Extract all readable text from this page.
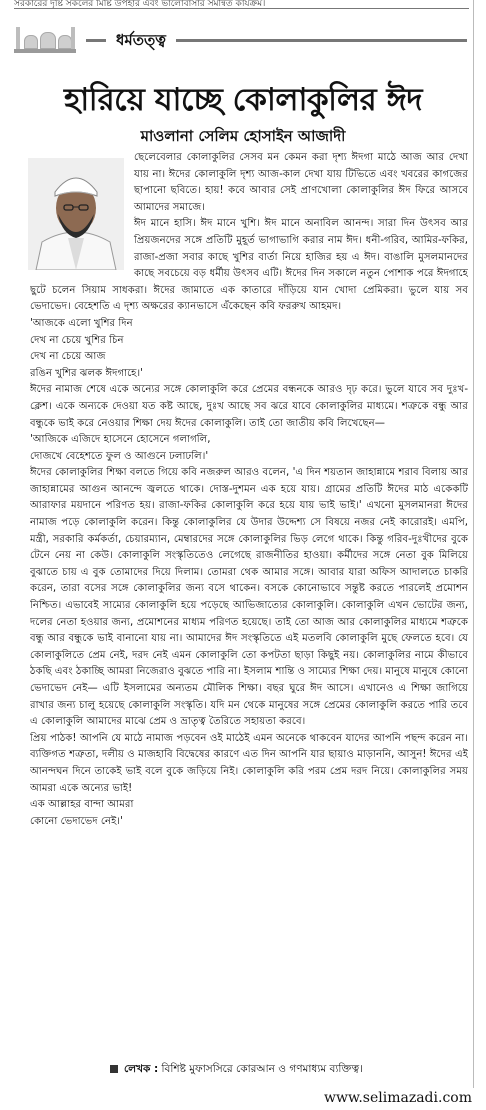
সরকারের দৃষ্টি সকলের মিষ্টি উপহার এবং ভালোবাসার সমন্বিত কার্যক্রম।
ধর্মতত্ত্ব
হারিয়ে যাচ্ছে কোলাকুলির ঈদ
মাওলানা সেলিম হোসাইন আজাদী

ছেলেবেলার কোলাকুলির সেসব মন কেমন করা দৃশ্য ঈদগা মাঠে আজ আর দেখা যায় না। ঈদের কোলাকুলি দৃশ্য আজ-কাল দেখা যায় টিভিতে এবং খবরের কাগজের ছাপানো ছবিতে। হায়! কবে আবার সেই প্রাণখোলা কোলাকুলির ঈদ ফিরে আসবে আমাদের সমাজে।

ঈদ মানে হাসি। ঈদ মানে খুশি। ঈদ মানে অনাবিল আনন্দ। সারা দিন উৎসব আর প্রিয়জনদের সঙ্গে প্রতিটি মুহূর্ত ভাগাভাগি করার নাম ঈদ। ধনী-গরিব, আমির-ফকির, রাজা-প্রজা সবার কাছে খুশির বার্তা নিয়ে হাজির হয় এ ঈদ। বাঙালি মুসলমানদের কাছে সবচেয়ে বড় ধর্মীয় উৎসব এটি। ঈদের দিন সকালে নতুন পোশাক পরে ঈদগাহে ছুটে চলেন সিয়াম সাধকরা। ঈদের জামাতে এক কাতারে দাঁড়িয়ে যান খোদা প্রেমিকরা। ভুলে যায় সব ভেদাভেদ। বেহেশতি এ দৃশ্য অক্ষরের ক্যানভাসে এঁকেছেন কবি ফররুখ আহমদ।

'আজকে এলো খুশির দিন
দেখ না চেয়ে খুশির চিন
দেখ না চেয়ে আজ
রঙিন খুশির ঝলক ঈদগাহে।'

ঈদের নামাজ শেষে একে অন্যের সঙ্গে কোলাকুলি করে প্রেমের বন্ধনকে আরও দৃঢ় করে। ভুলে যাবে সব দুঃখ-ক্লেশ। একে অন্যকে দেওয়া যত কষ্ট আছে, দুঃখ আছে সব ঝরে যাবে কোলাকুলির মাধ্যমে। শত্রুকে বন্ধু আর বন্ধুকে ভাই করে নেওয়ার শিক্ষা দেয় ঈদের কোলাকুলি। তাই তো জাতীয় কবি লিখেছেন—

'আজিকে এজিদে হাসেনে হোসেনে গলাগলি,
দোজখে বেহেশতে ফুল ও আগুনে ঢলাঢলি।'

ঈদের কোলাকুলির শিক্ষা বলতে গিয়ে কবি নজরুল আরও বলেন, 'এ দিন শয়তান জাহান্নামে শরাব বিলায় আর জাহান্নামের আগুন আনন্দে জ্বলতে থাকে। দোস্ত-দুশমন এক হয়ে যায়। গ্রামের প্রতিটি ঈদের মাঠ একেকটি আরাফার ময়দানে পরিণত হয়। রাজা-ফকির কোলাকুলি করে হয়ে যায় ভাই ভাই।' এখনো মুসলমানরা ঈদের নামাজ পড়ে কোলাকুলি করেন। কিন্তু কোলাকুলির যে উদার উদ্দেশ্য সে বিষয়ে নজর নেই কারোরই। এমপি, মন্ত্রী, সরকারি কর্মকর্তা, চেয়ারম্যান, মেম্বারদের সঙ্গে কোলাকুলির ভিড় লেগে থাকে। কিন্তু গরিব-দুঃখীদের বুকে টেনে নেয় না কেউ। কোলাকুলি সংস্কৃতিতেও লেগেছে রাজনীতির হাওয়া। কর্মীদের সঙ্গে নেতা বুক মিলিয়ে বুঝাতে চায় এ বুক তোমাদের দিয়ে দিলাম। তোমরা থেক আমার সঙ্গে। আবার যারা অফিস আদালতে চাকরি করেন, তারা বসের সঙ্গে কোলাকুলির জন্য বসে থাকেন। বসকে কোনোভাবে সন্তুষ্ট করতে পারলেই প্রমোশন নিশ্চিত। এভাবেই সাম্যের কোলাকুলি হয়ে পড়েছে আভিজাত্যের কোলাকুলি। কোলাকুলি এখন ভোটের জন্য, দলের নেতা হওয়ার জন্য, প্রমোশনের মাধ্যম পরিণত হয়েছে। তাই তো আজ আর কোলাকুলির মাধ্যমে শত্রুকে বন্ধু আর বন্ধুকে ভাই বানানো যায় না। আমাদের ঈদ সংস্কৃতিতে এই মতলবি কোলাকুলি মুছে ফেলতে হবে। যে কোলাকুলিতে প্রেম নেই, দরদ নেই এমন কোলাকুলি তো কপটতা ছাড়া কিছুই নয়। কোলাকুলির নামে কীভাবে ঠকছি এবং ঠকাচ্ছি আমরা নিজেরাও বুঝতে পারি না। ইসলাম শান্তি ও সাম্যের শিক্ষা দেয়। মানুষে মানুষে কোনো ভেদাভেদ নেই— এটি ইসলামের অন্যতম মৌলিক শিক্ষা। বছর ঘুরে ঈদ আসে। এখানেও এ শিক্ষা জাগিয়ে রাখার জন্য চালু হয়েছে কোলাকুলি সংস্কৃতি। যদি মন থেকে মানুষের সঙ্গে প্রেমের কোলাকুলি করতে পারি তবে এ কোলাকুলি আমাদের মাঝে প্রেম ও ভ্রাতৃত্ব তৈরিতে সহায়তা করবে।

প্রিয় পাঠক! আপনি যে মাঠে নামাজ পড়বেন ওই মাঠেই এমন অনেকে থাকবেন যাদের আপনি পছন্দ করেন না। ব্যক্তিগত শত্রুতা, দলীয় ও মাজহাবি বিদ্বেষের কারণে এত দিন আপনি যার ছায়াও মাড়াননি, আসুন! ঈদের এই আনন্দঘন দিনে তাকেই ভাই বলে বুকে জড়িয়ে নিই। কোলাকুলি করি পরম প্রেম দরদ নিয়ে। কোলাকুলির সময় আমরা একে অন্যের ভাই!

এক আল্লাহর বান্দা আমরা
কোনো ভেদাভেদ নেই।'
লেখক : বিশিষ্ট মুফাসসিরে কোরআন ও গণমাধ্যম ব্যক্তিত্ব।
www.selimazadi.com
